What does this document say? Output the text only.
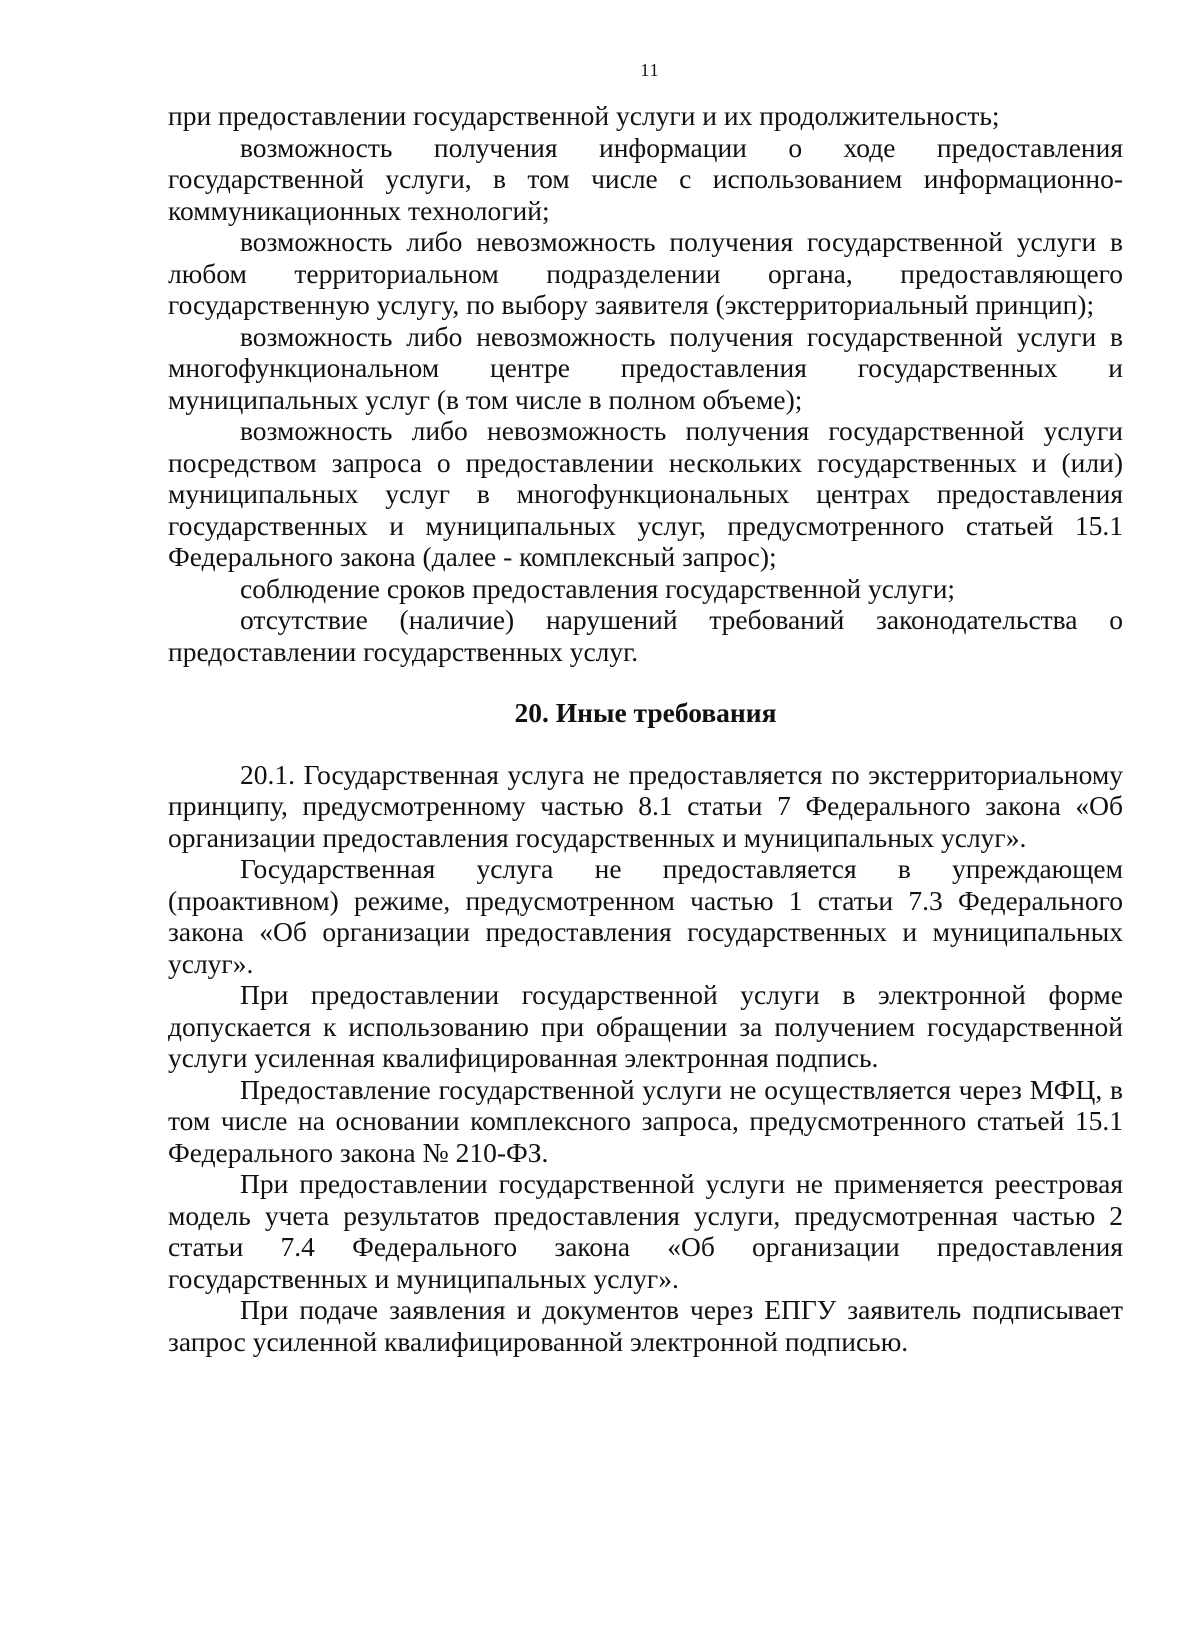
11

при предоставлении государственной услуги и их продолжительность;

возможность получения информации о ходе предоставления государственной услуги, в том числе с использованием информационно-коммуникационных технологий;

возможность либо невозможность получения государственной услуги в любом территориальном подразделении органа, предоставляющего государственную услугу, по выбору заявителя (экстерриториальный принцип);

возможность либо невозможность получения государственной услуги в многофункциональном центре предоставления государственных и муниципальных услуг (в том числе в полном объеме);

возможность либо невозможность получения государственной услуги посредством запроса о предоставлении нескольких государственных и (или) муниципальных услуг в многофункциональных центрах предоставления государственных и муниципальных услуг, предусмотренного статьей 15.1 Федерального закона (далее - комплексный запрос);

соблюдение сроков предоставления государственной услуги;

отсутствие (наличие) нарушений требований законодательства о предоставлении государственных услуг.

20. Иные требования

20.1. Государственная услуга не предоставляется по экстерриториальному принципу, предусмотренному частью 8.1 статьи 7 Федерального закона «Об организации предоставления государственных и муниципальных услуг».

Государственная услуга не предоставляется в упреждающем (проактивном) режиме, предусмотренном частью 1 статьи 7.3 Федерального закона «Об организации предоставления государственных и муниципальных услуг».

При предоставлении государственной услуги в электронной форме допускается к использованию при обращении за получением государственной услуги усиленная квалифицированная электронная подпись.

Предоставление государственной услуги не осуществляется через МФЦ, в том числе на основании комплексного запроса, предусмотренного статьей 15.1 Федерального закона № 210-ФЗ.

При предоставлении государственной услуги не применяется реестровая модель учета результатов предоставления услуги, предусмотренная частью 2 статьи 7.4 Федерального закона «Об организации предоставления государственных и муниципальных услуг».

При подаче заявления и документов через ЕПГУ заявитель подписывает запрос усиленной квалифицированной электронной подписью.
